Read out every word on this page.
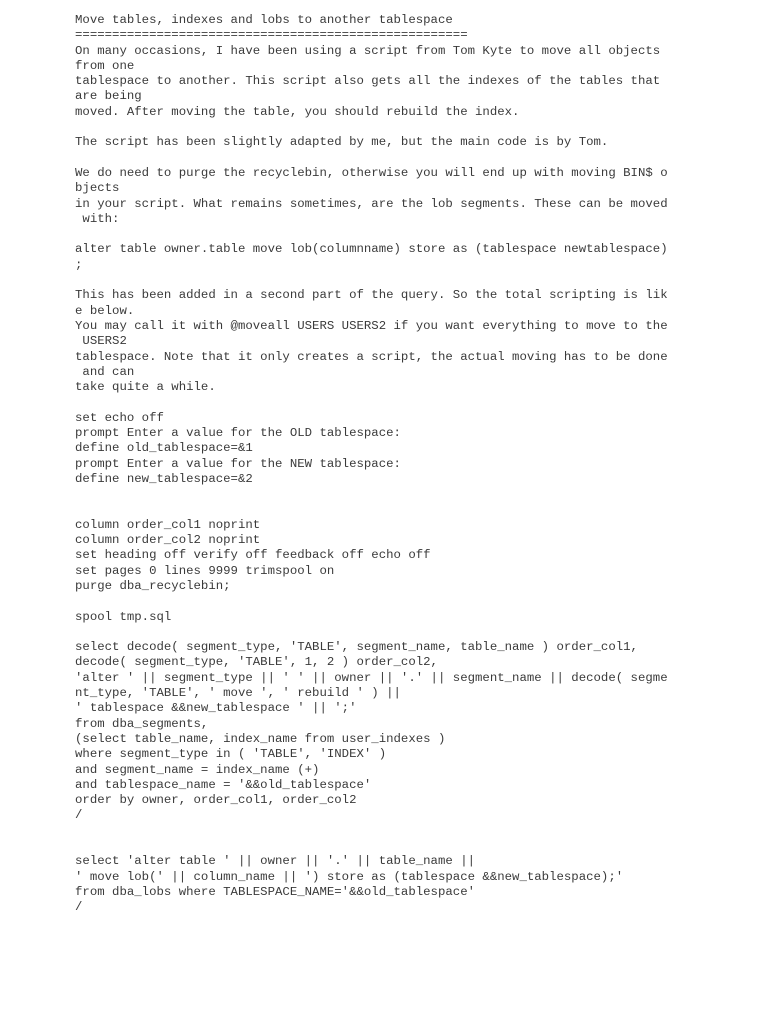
Move tables, indexes and lobs to another tablespace
=====================================================
On many occasions, I have been using a script from Tom Kyte to move all objects
from one
tablespace to another. This script also gets all the indexes of the tables that
are being
moved. After moving the table, you should rebuild the index.
The script has been slightly adapted by me, but the main code is by Tom.
We do need to purge the recyclebin, otherwise you will end up with moving BIN$ o
bjects
in your script. What remains sometimes, are the lob segments. These can be moved
with:
alter table owner.table move lob(columnname) store as (tablespace newtablespace)
;
This has been added in a second part of the query. So the total scripting is lik
e below.
You may call it with @moveall USERS USERS2 if you want everything to move to the
USERS2
tablespace. Note that it only creates a script, the actual moving has to be done
and can
take quite a while.
set echo off
prompt Enter a value for the OLD tablespace:
define old_tablespace=&1
prompt Enter a value for the NEW tablespace:
define new_tablespace=&2
column order_col1 noprint
column order_col2 noprint
set heading off verify off feedback off echo off
set pages 0 lines 9999 trimspool on
purge dba_recyclebin;
spool tmp.sql
select decode( segment_type, 'TABLE', segment_name, table_name ) order_col1,
decode( segment_type, 'TABLE', 1, 2 ) order_col2,
'alter ' || segment_type || ' ' || owner || '.' || segment_name || decode( segme
nt_type, 'TABLE', ' move ', ' rebuild ' ) ||
' tablespace &&new_tablespace ' || ';'
from dba_segments,
(select table_name, index_name from user_indexes )
where segment_type in ( 'TABLE', 'INDEX' )
and segment_name = index_name (+)
and tablespace_name = '&&old_tablespace'
order by owner, order_col1, order_col2
/
select 'alter table ' || owner || '.' || table_name ||
' move lob(' || column_name || ') store as (tablespace &&new_tablespace);'
from dba_lobs where TABLESPACE_NAME='&&old_tablespace'
/
